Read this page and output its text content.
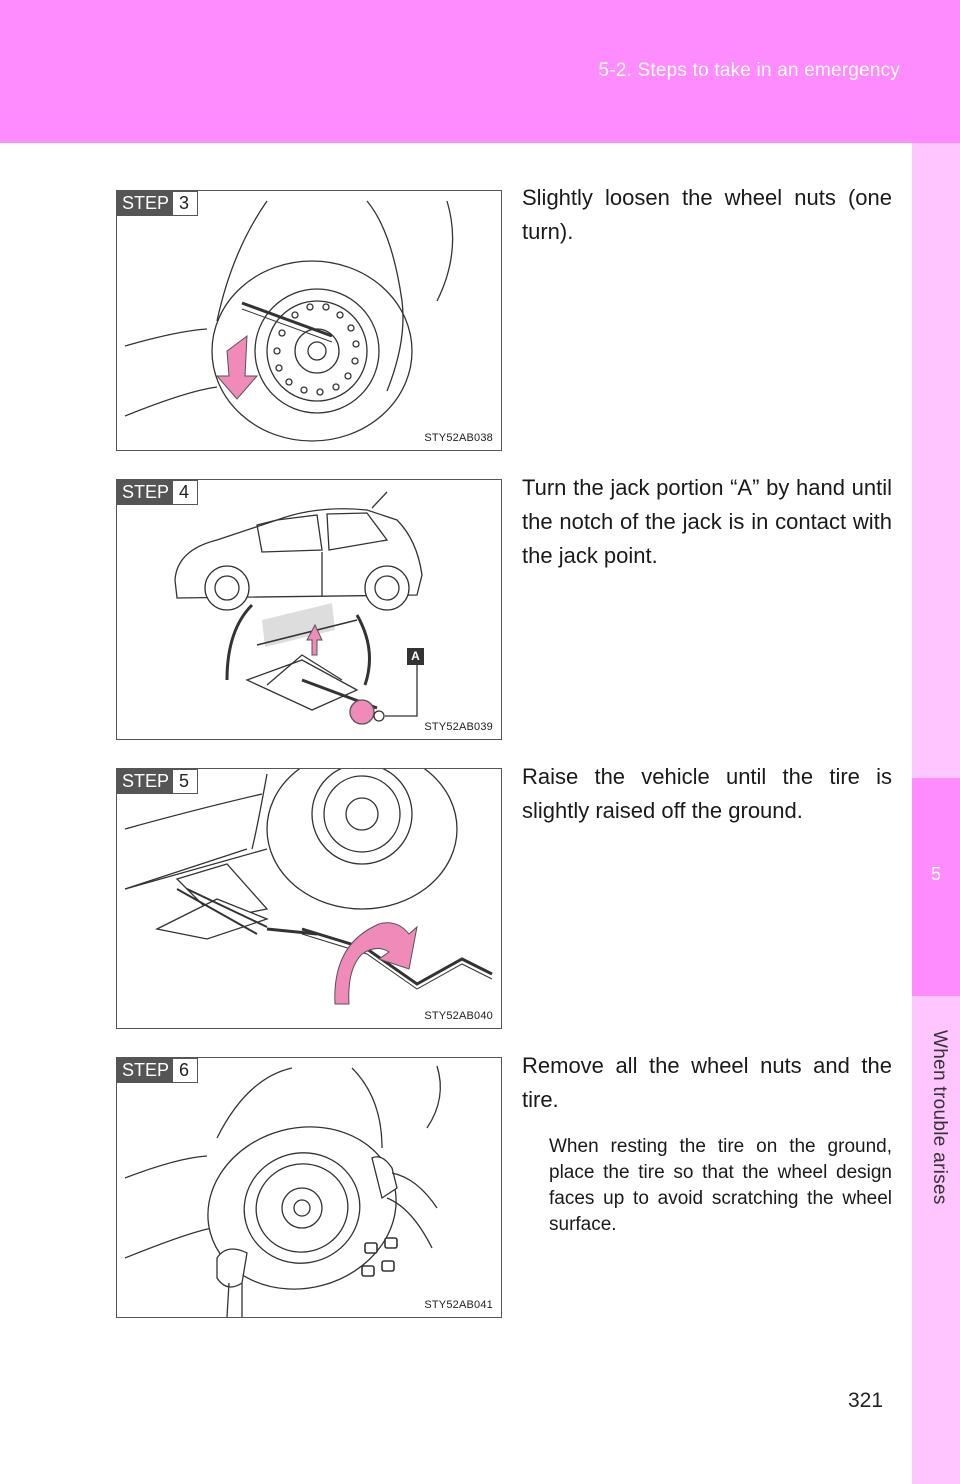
5-2. Steps to take in an emergency
5
When trouble arises
STEP 3
STY52AB038
Slightly loosen the wheel nuts (one turn).
STEP 4
A
STY52AB039
Turn the jack portion “A” by hand until the notch of the jack is in contact with the jack point.
STEP 5
STY52AB040
Raise the vehicle until the tire is slightly raised off the ground.
STEP 6
STY52AB041
Remove all the wheel nuts and the tire.
When resting the tire on the ground, place the tire so that the wheel design faces up to avoid scratching the wheel surface.
321
